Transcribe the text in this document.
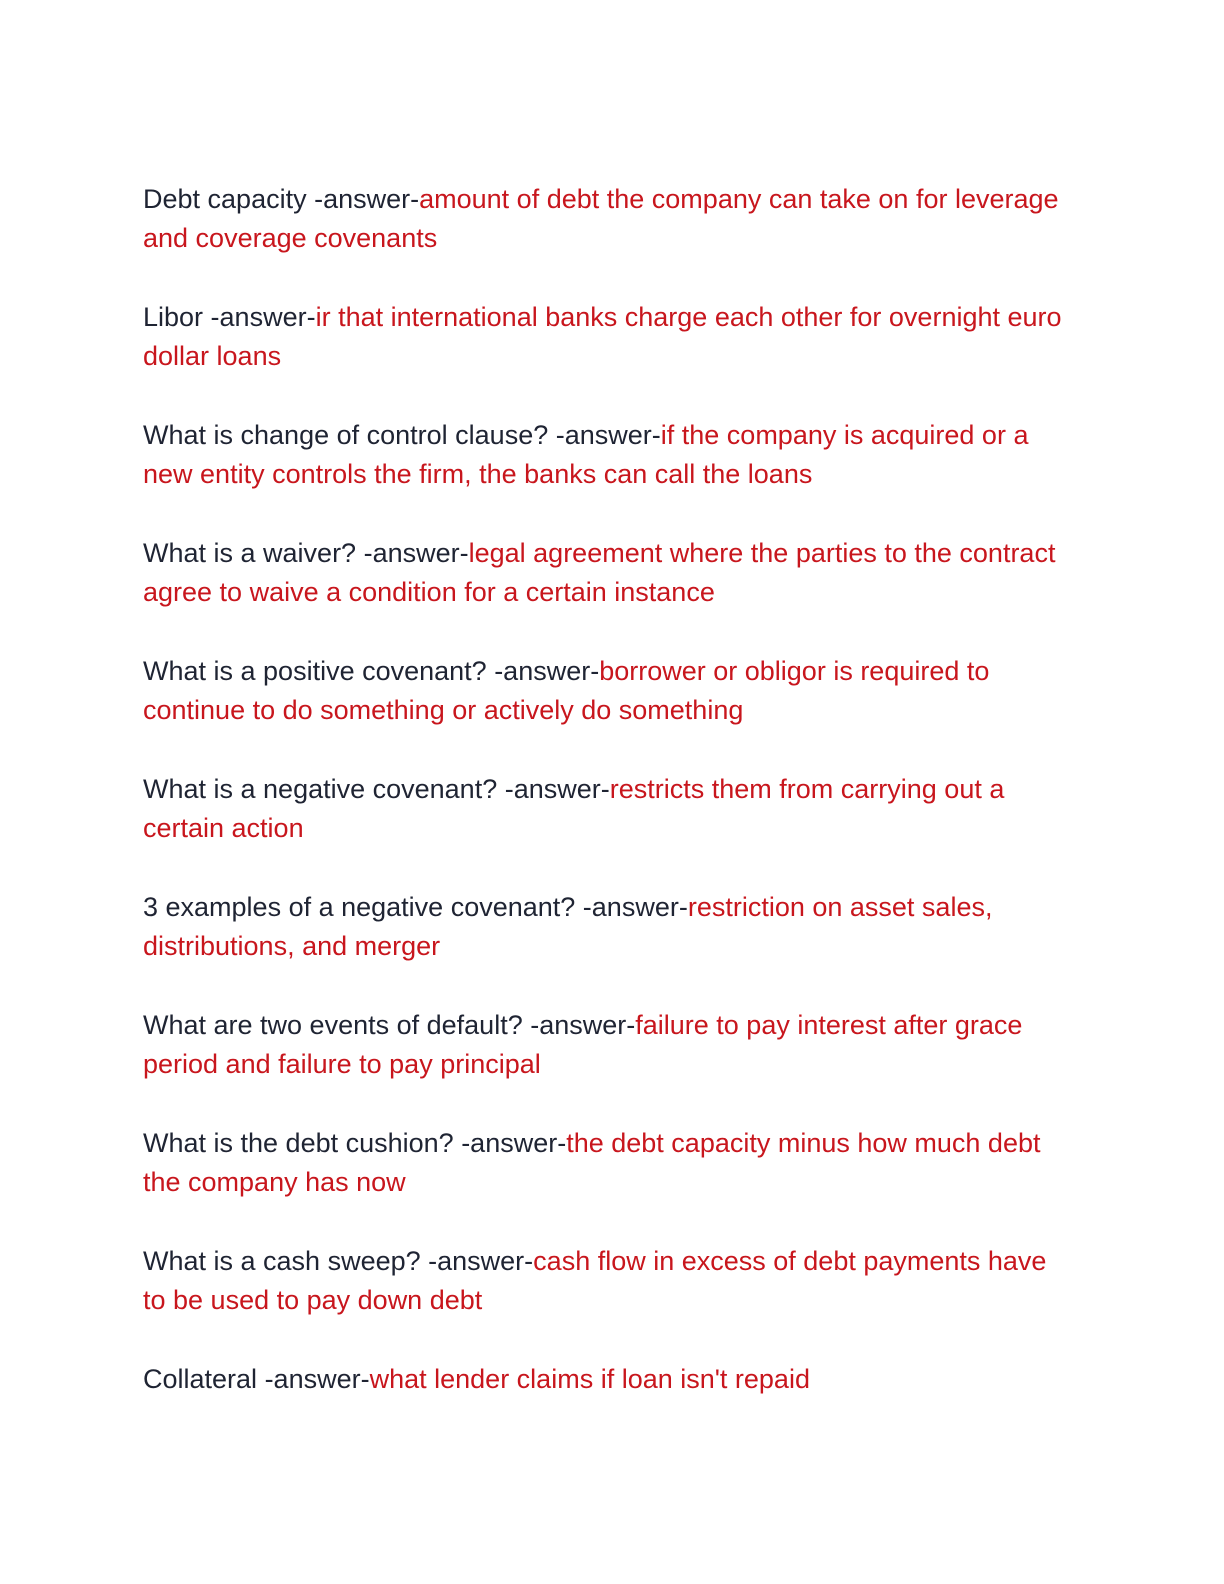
Debt capacity -answer-amount of debt the company can take on for leverage and coverage covenants

Libor -answer-ir that international banks charge each other for overnight euro dollar loans

What is change of control clause? -answer-if the company is acquired or a new entity controls the firm, the banks can call the loans

What is a waiver? -answer-legal agreement where the parties to the contract agree to waive a condition for a certain instance

What is a positive covenant? -answer-borrower or obligor is required to continue to do something or actively do something

What is a negative covenant? -answer-restricts them from carrying out a certain action

3 examples of a negative covenant? -answer-restriction on asset sales, distributions, and merger

What are two events of default? -answer-failure to pay interest after grace period and failure to pay principal

What is the debt cushion? -answer-the debt capacity minus how much debt the company has now

What is a cash sweep? -answer-cash flow in excess of debt payments have to be used to pay down debt

Collateral -answer-what lender claims if loan isn't repaid
